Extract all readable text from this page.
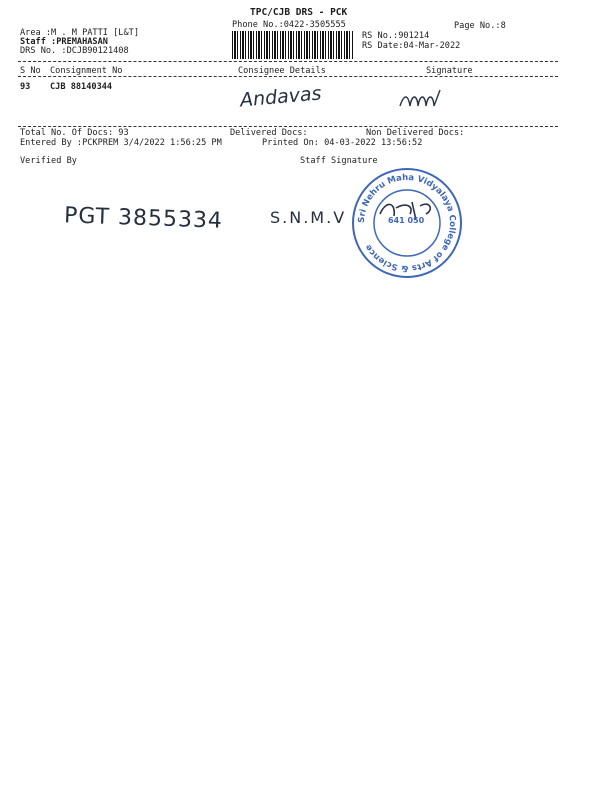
TPC/CJB DRS - PCK
Phone No.:0422-3505555	Page No.:8
Area :M . M PATTI [L&T]
Staff :PREMAHASAN
DRS No. :DCJB90121408
RS No.:901214
RS Date:04-Mar-2022
S No Consignment No	Consignee Details	Signature
93 CJB 88140344	Andavas
Total No. Of Docs: 93	Delivered Docs:	Non Delivered Docs:
Entered By :PCKPREM 3/4/2022 1:56:25 PM	Printed On: 04-03-2022 13:56:52
Verified By	Staff Signature
PGT 3855334	S.N.M.V Sri Nehru Maha Vidyalaya College of Arts & Science
641 050
